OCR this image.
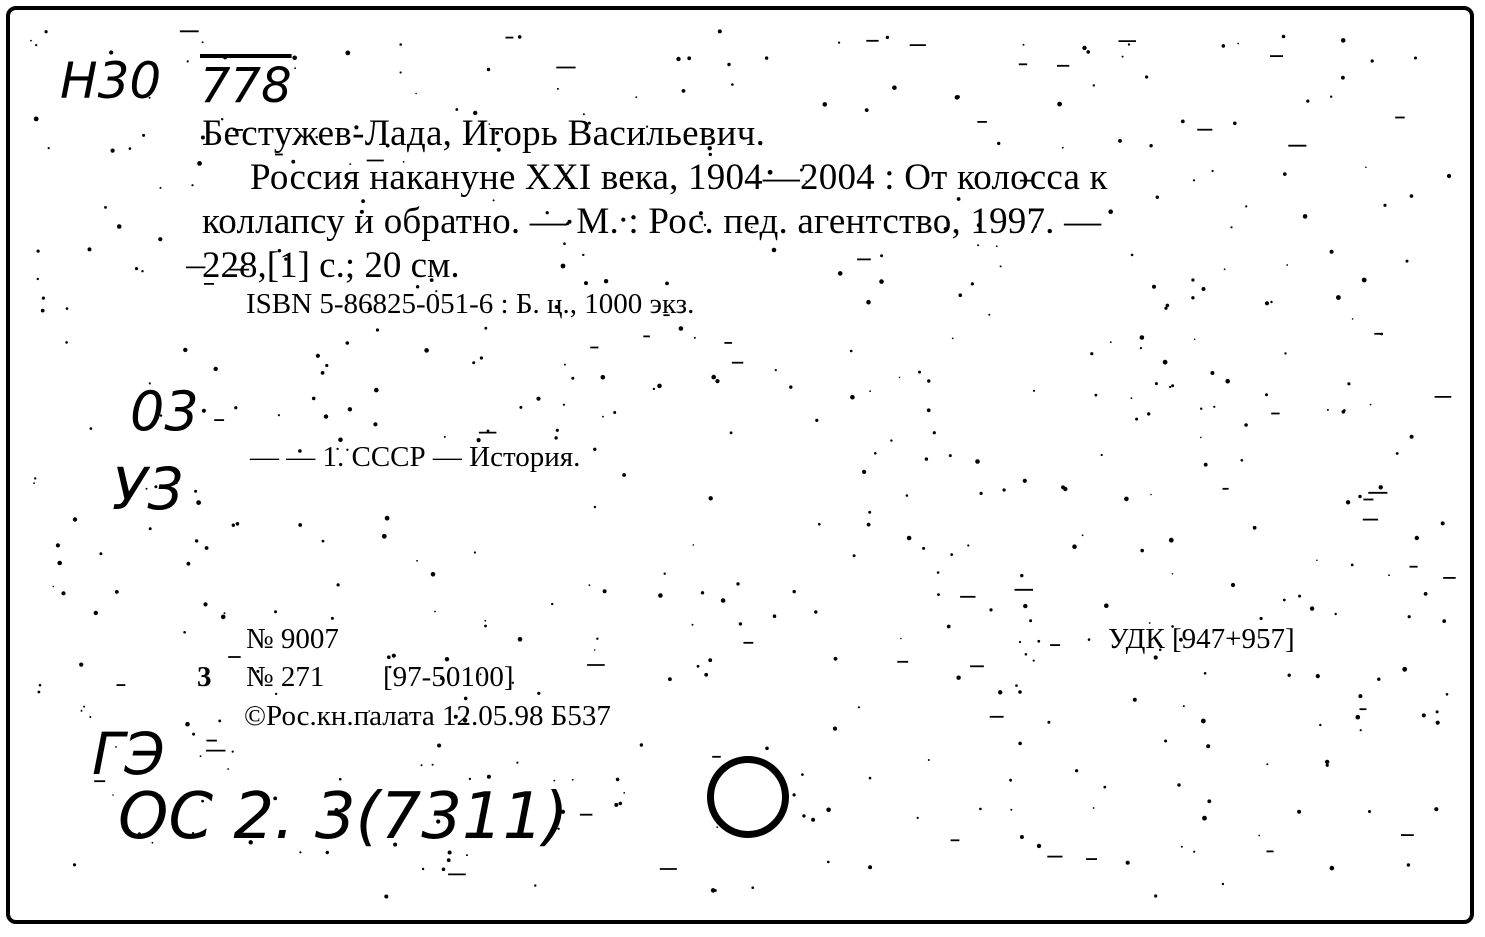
Н30 778
03
У3
ГЭ
ОС 2. 3(7311)
Бестужев-Лада, Игорь Васильевич.
Россия накануне XXI века, 1904—2004 : От колосса к
коллапсу и обратно. — М. : Рос. пед. агентство, 1997. —
228,[1] с.; 20 см.
ISBN 5-86825-051-6 : Б. ц., 1000 экз.
— — 1. СССР — История.
№ 9007
3 № 271 [97-50100]
©Рос.кн.палата 12.05.98 Б537
УДК [947+957]
